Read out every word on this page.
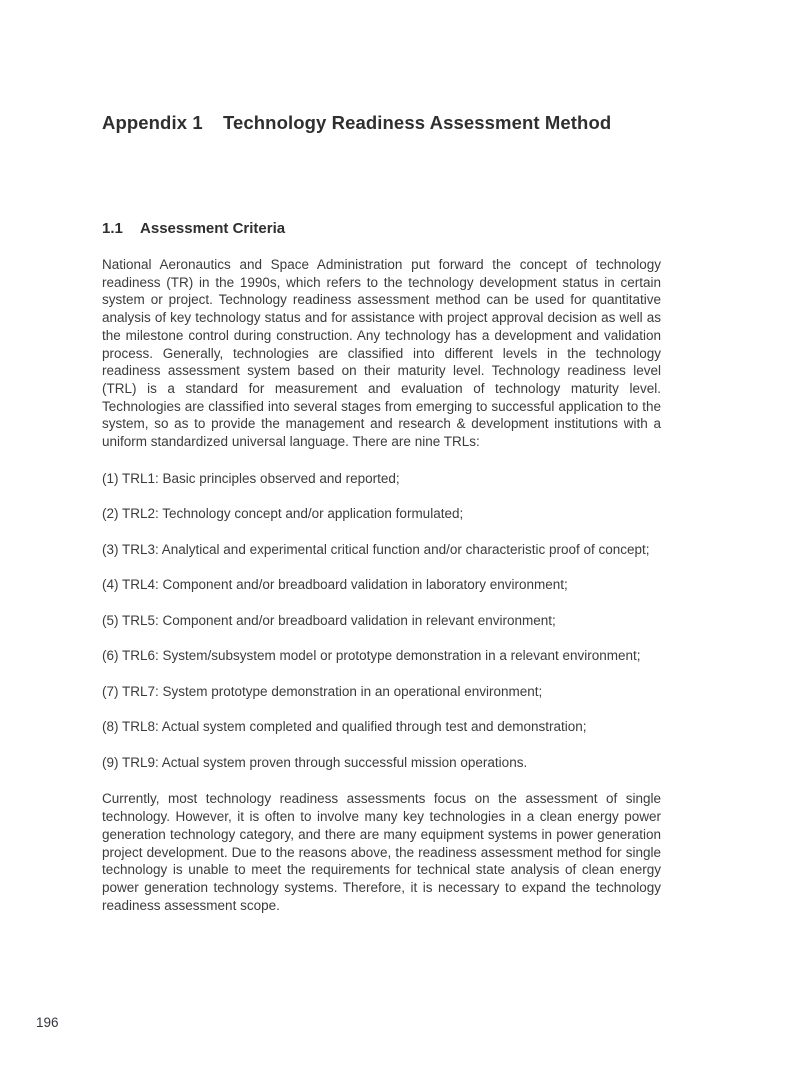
Appendix 1 Technology Readiness Assessment Method
1.1 Assessment Criteria

National Aeronautics and Space Administration put forward the concept of technology readiness (TR) in the 1990s, which refers to the technology development status in certain system or project. Technology readiness assessment method can be used for quantitative analysis of key technology status and for assistance with project approval decision as well as the milestone control during construction. Any technology has a development and validation process. Generally, technologies are classified into different levels in the technology readiness assessment system based on their maturity level. Technology readiness level (TRL) is a standard for measurement and evaluation of technology maturity level. Technologies are classified into several stages from emerging to successful application to the system, so as to provide the management and research & development institutions with a uniform standardized universal language. There are nine TRLs:

(1) TRL1: Basic principles observed and reported;
(2) TRL2: Technology concept and/or application formulated;
(3) TRL3: Analytical and experimental critical function and/or characteristic proof of concept;
(4) TRL4: Component and/or breadboard validation in laboratory environment;
(5) TRL5: Component and/or breadboard validation in relevant environment;
(6) TRL6: System/subsystem model or prototype demonstration in a relevant environment;
(7) TRL7: System prototype demonstration in an operational environment;
(8) TRL8: Actual system completed and qualified through test and demonstration;
(9) TRL9: Actual system proven through successful mission operations.

Currently, most technology readiness assessments focus on the assessment of single technology. However, it is often to involve many key technologies in a clean energy power generation technology category, and there are many equipment systems in power generation project development. Due to the reasons above, the readiness assessment method for single technology is unable to meet the requirements for technical state analysis of clean energy power generation technology systems. Therefore, it is necessary to expand the technology readiness assessment scope.

196
